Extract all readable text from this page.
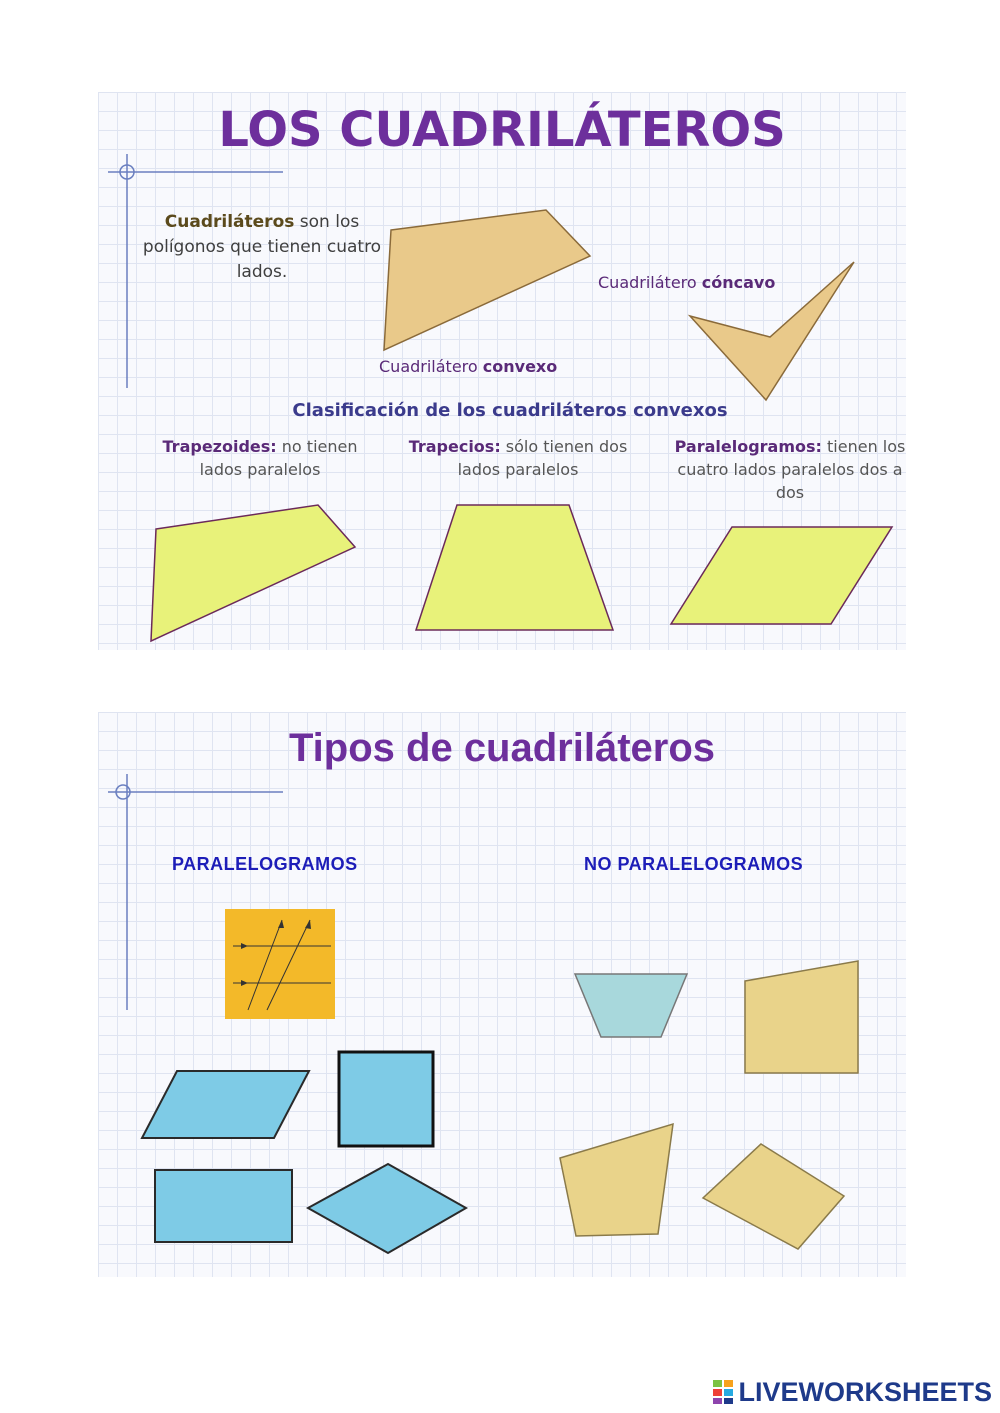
LOS CUADRILÁTEROS

Cuadriláteros son los polígonos que tienen cuatro lados.

Cuadrilátero convexo
Cuadrilátero cóncavo
Clasificación de los cuadriláteros convexos

Trapezoides: no tienen lados paralelos

Trapecios: sólo tienen dos lados paralelos

Paralelogramos: tienen los cuatro lados paralelos dos a dos

Tipos de cuadriláteros
PARALELOGRAMOS	NO PARALELOGRAMOS
LIVEWORKSHEETS
